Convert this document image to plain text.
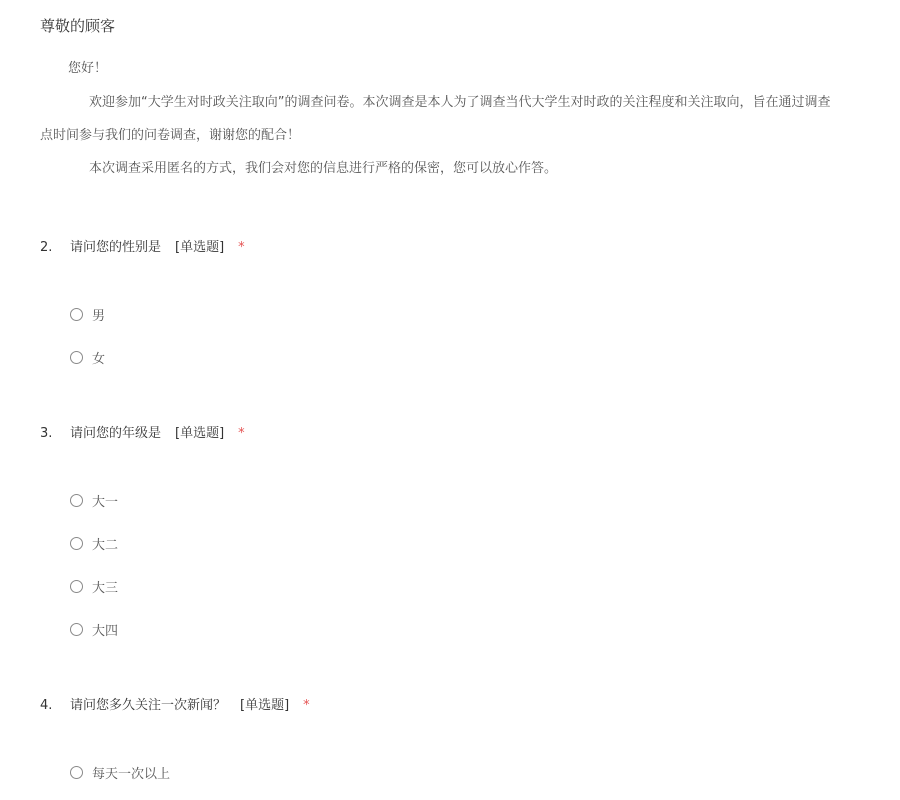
尊敬的顾客
您好！
欢迎参加“大学生对时政关注取向”的调查问卷。本次调查是本人为了调查当代大学生对时政的关注程度和关注取向，旨在通过调查
点时间参与我们的问卷调查，谢谢您的配合！
本次调查采用匿名的方式，我们会对您的信息进行严格的保密，您可以放心作答。
2. 请问您的性别是 [单选题] *
男
女
3. 请问您的年级是 [单选题] *
大一
大二
大三
大四
4. 请问您多久关注一次新闻？ [单选题] *
每天一次以上
